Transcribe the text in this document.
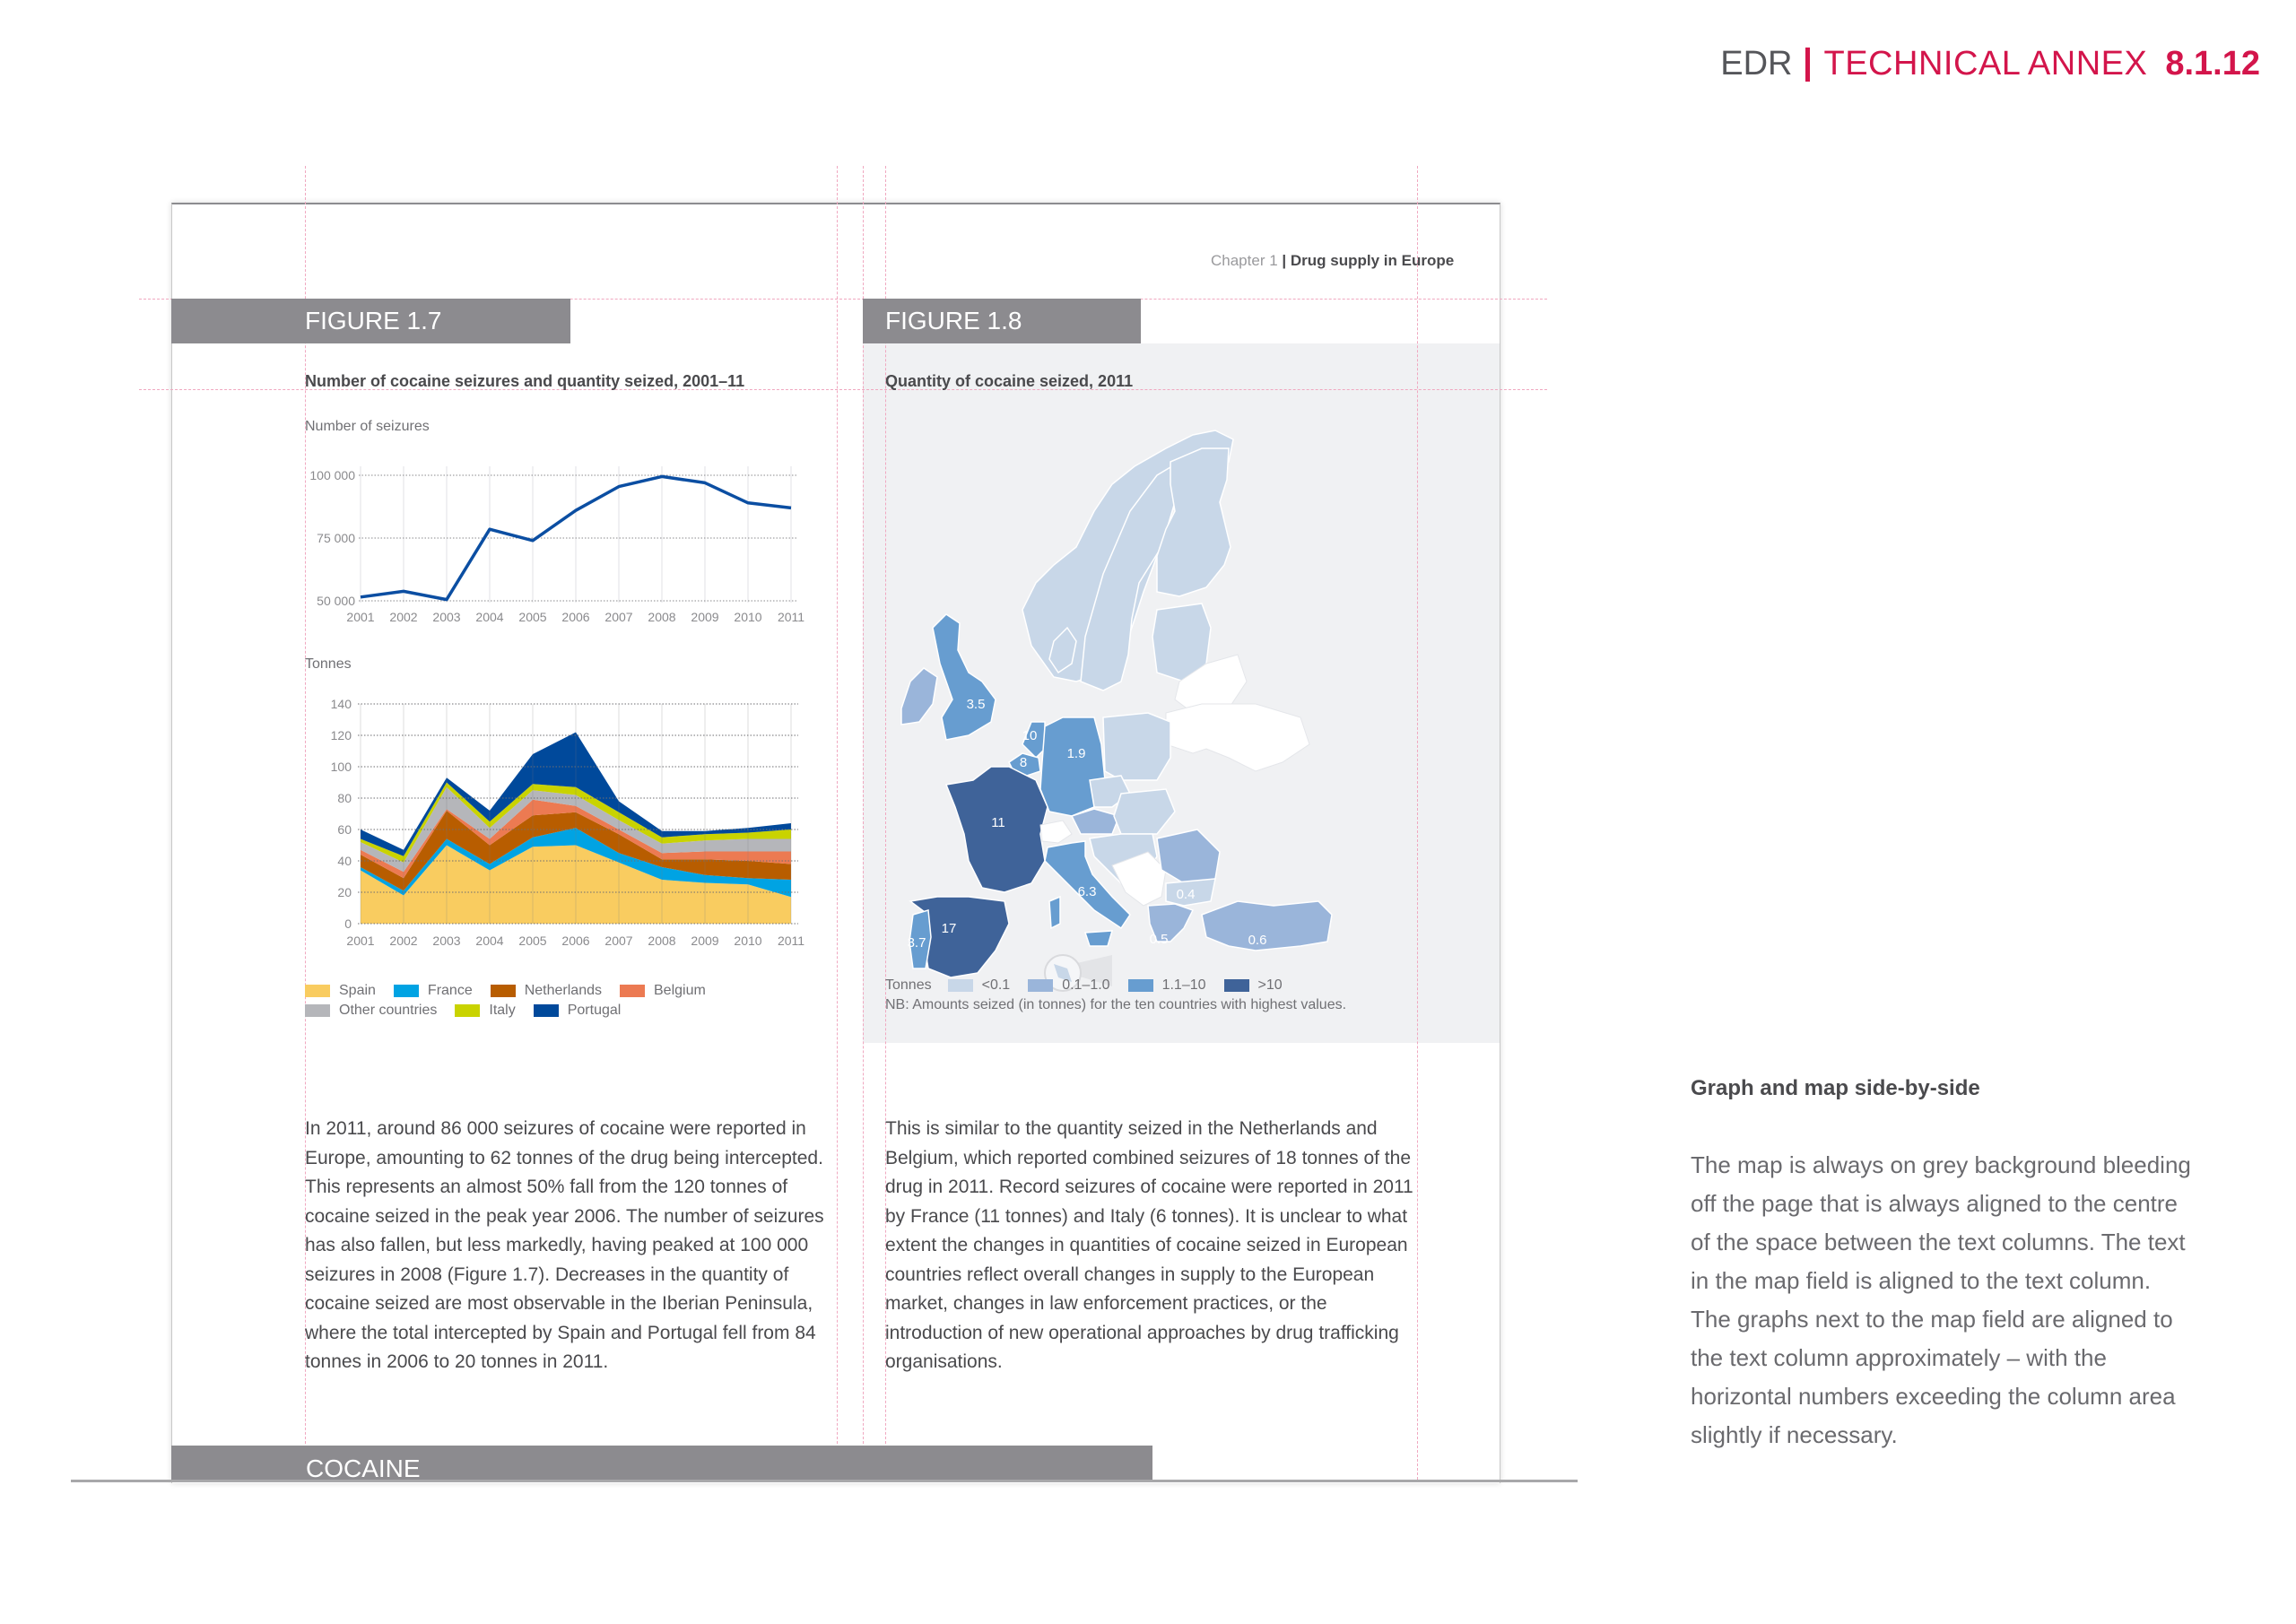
EDR TECHNICAL ANNEX 8.1.12
Chapter 1 | Drug supply in Europe
FIGURE 1.7
Number of cocaine seizures and quantity seized, 2001–11
Number of seizures
Tonnes
50 000
75 000
100 000
2001 2002 2003 2004 2005 2006 2007 2008 2009 2010 2011
2001 2002 2003 2004 2005 2006 2007 2008 2009 2010 2011
0
20
40
60
80
100
120
140
Spain	France	Netherlands	Belgium
Other countries	Italy	Portugal
FIGURE 1.8
Quantity of cocaine seized, 2011
3.5
10
8
1.9
11
17
3.7
6.3	0.4
0.5	0.6
Tonnes	<0.1	0.1–1.0	1.1–10	>10
NB: Amounts seized (in tonnes) for the ten countries with highest values.

In 2011, around 86 000 seizures of cocaine were reported in Europe, amounting to 62 tonnes of the drug being intercepted. This represents an almost 50% fall from the 120 tonnes of cocaine seized in the peak year 2006. The number of seizures has also fallen, but less markedly, having peaked at 100 000 seizures in 2008 (Figure 1.7). Decreases in the quantity of cocaine seized are most observable in the Iberian Peninsula, where the total intercepted by Spain and Portugal fell from 84 tonnes in 2006 to 20 tonnes in 2011.

This is similar to the quantity seized in the Netherlands and Belgium, which reported combined seizures of 18 tonnes of the drug in 2011. Record seizures of cocaine were reported in 2011 by France (11 tonnes) and Italy (6 tonnes). It is unclear to what extent the changes in quantities of cocaine seized in European countries reflect overall changes in supply to the European market, changes in law enforcement practices, or the introduction of new operational approaches by drug trafficking organisations.

COCAINE
Graph and map side-by-side

The map is always on grey background bleeding off the page that is always aligned to the centre of the space between the text columns. The text in the map field is aligned to the text column. The graphs next to the map field are aligned to the text column approximately – with the horizontal numbers exceeding the column area slightly if necessary.
